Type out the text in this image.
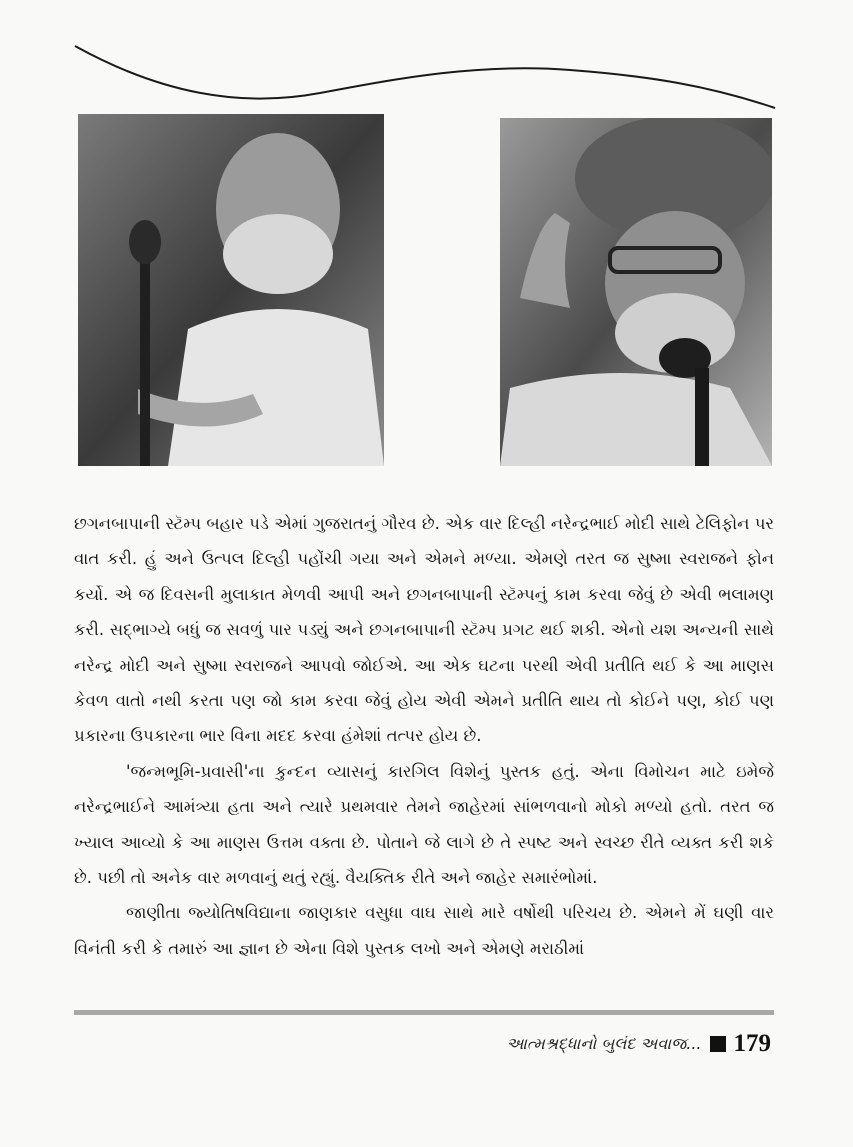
છગનબાપાની સ્ટૅમ્પ બહાર પડે એમાં ગુજરાતનું ગૌરવ છે. એક વાર દિલ્હી નરેન્દ્રભાઈ મોદી સાથે ટેલિફોન પર વાત કરી. હું અને ઉત્પલ દિલ્હી પહોંચી ગયા અને એમને મળ્યા. એમણે તરત જ સુષ્મા સ્વરાજને ફોન કર્યો. એ જ દિવસની મુલાકાત મેળવી આપી અને છગનબાપાની સ્ટૅમ્પનું કામ કરવા જેવું છે એવી ભલામણ કરી. સદ્ભાગ્યે બધું જ સવળું પાર પડ્યું અને છગનબાપાની સ્ટૅમ્પ પ્રગટ થઈ શકી. એનો યશ અન્યની સાથે નરેન્દ્ર મોદી અને સુષ્મા સ્વરાજને આપવો જોઈએ. આ એક ઘટના પરથી એવી પ્રતીતિ થઈ કે આ માણસ કેવળ વાતો નથી કરતા પણ જો કામ કરવા જેવું હોય એવી એમને પ્રતીતિ થાય તો કોઈને પણ, કોઈ પણ પ્રકારના ઉપકારના ભાર વિના મદદ કરવા હંમેશાં તત્પર હોય છે.

'જન્મભૂમિ-પ્રવાસી'ના કુન્દન વ્યાસનું કારગિલ વિશેનું પુસ્તક હતું. એના વિમોચન માટે ઇમેજે નરેન્દ્રભાઈને આમંત્ર્યા હતા અને ત્યારે પ્રથમવાર તેમને જાહેરમાં સાંભળવાનો મોકો મળ્યો હતો. તરત જ ખ્યાલ આવ્યો કે આ માણસ ઉત્તમ વક્તા છે. પોતાને જે લાગે છે તે સ્પષ્ટ અને સ્વચ્છ રીતે વ્યક્ત કરી શકે છે. પછી તો અનેક વાર મળવાનું થતું રહ્યું. વૈયક્તિક રીતે અને જાહેર સમારંભોમાં.

જાણીતા જ્યોતિષવિદ્યાના જાણકાર વસુધા વાઘ સાથે મારે વર્ષોથી પરિચય છે. એમને મેં ઘણી વાર વિનંતી કરી કે તમારું આ જ્ઞાન છે એના વિશે પુસ્તક લખો અને એમણે મરાઠીમાં

આત્મશ્રદ્ધાનો બુલંદ અવાજ... 179
